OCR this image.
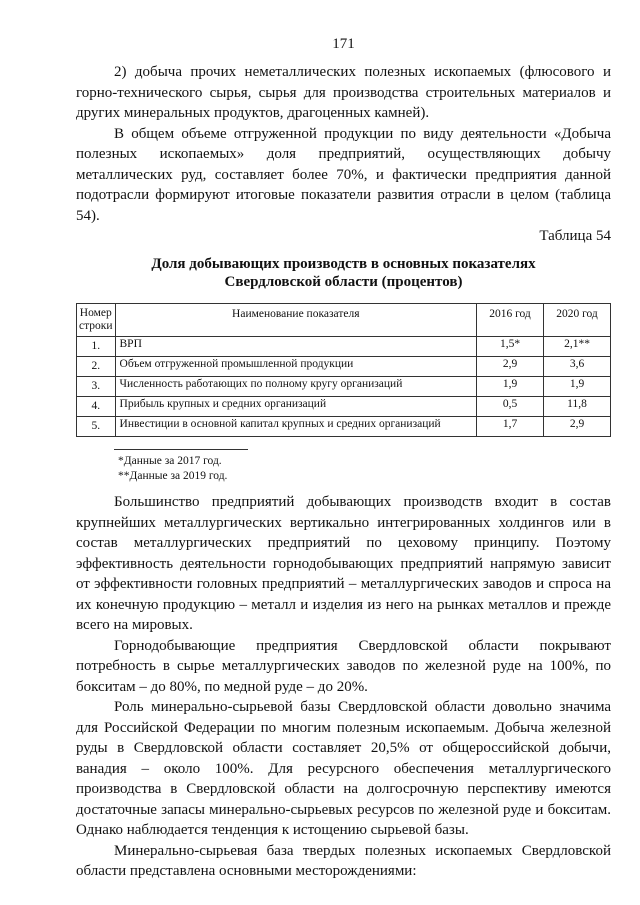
171

2) добыча прочих неметаллических полезных ископаемых (флюсового и горно-технического сырья, сырья для производства строительных материалов и других минеральных продуктов, драгоценных камней).

В общем объеме отгруженной продукции по виду деятельности «Добыча полезных ископаемых» доля предприятий, осуществляющих добычу металлических руд, составляет более 70%, и фактически предприятия данной подотрасли формируют итоговые показатели развития отрасли в целом (таблица 54).

Таблица 54
Доля добывающих производств в основных показателях
Свердловской области (процентов)
Номер строки	Наименование показателя	2016 год	2020 год
1.	ВРП	1,5*	2,1**
2.	Объем отгруженной промышленной продукции	2,9	3,6
3.	Численность работающих по полному кругу организаций	1,9	1,9
4.	Прибыль крупных и средних организаций	0,5	11,8
5.	Инвестиции в основной капитал крупных и средних организаций	1,7	2,9
*Данные за 2017 год.
**Данные за 2019 год.

Большинство предприятий добывающих производств входит в состав крупнейших металлургических вертикально интегрированных холдингов или в состав металлургических предприятий по цеховому принципу. Поэтому эффективность деятельности горнодобывающих предприятий напрямую зависит от эффективности головных предприятий – металлургических заводов и спроса на их конечную продукцию – металл и изделия из него на рынках металлов и прежде всего на мировых.

Горнодобывающие предприятия Свердловской области покрывают потребность в сырье металлургических заводов по железной руде на 100%, по бокситам – до 80%, по медной руде – до 20%.

Роль минерально-сырьевой базы Свердловской области довольно значима для Российской Федерации по многим полезным ископаемым. Добыча железной руды в Свердловской области составляет 20,5% от общероссийской добычи, ванадия – около 100%. Для ресурсного обеспечения металлургического производства в Свердловской области на долгосрочную перспективу имеются достаточные запасы минерально-сырьевых ресурсов по железной руде и бокситам. Однако наблюдается тенденция к истощению сырьевой базы.

Минерально-сырьевая база твердых полезных ископаемых Свердловской области представлена основными месторождениями:
